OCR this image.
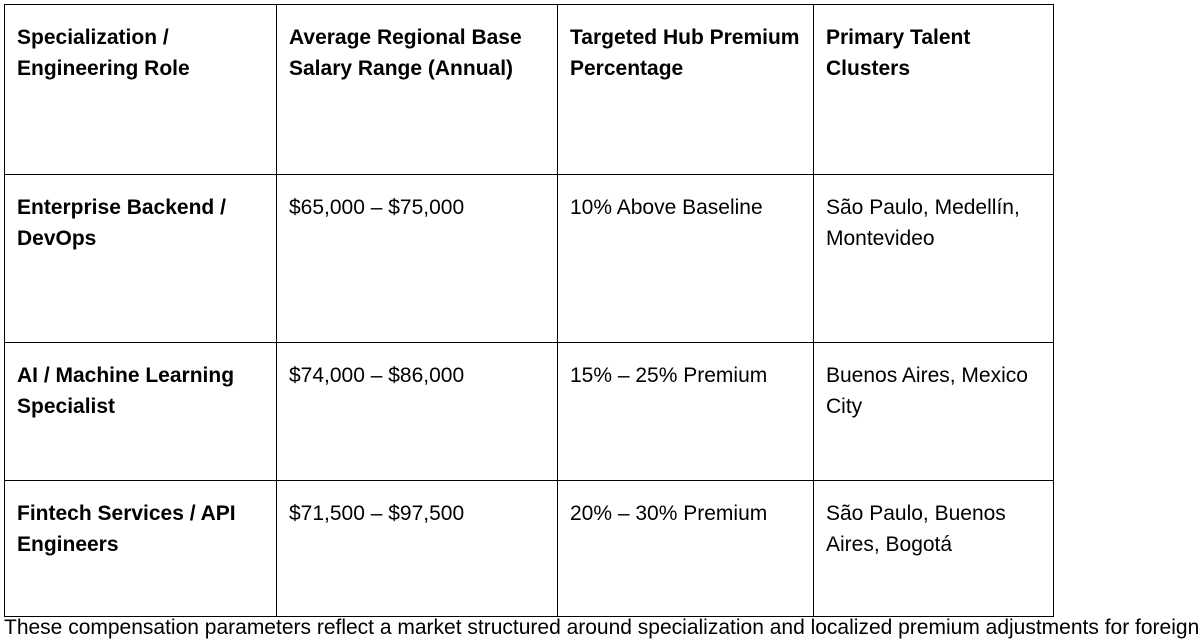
Specialization / Engineering Role	Average Regional Base Salary Range (Annual)	Targeted Hub Premium Percentage	Primary Talent Clusters
Enterprise Backend / DevOps	$65,000 – $75,000	10% Above Baseline	São Paulo, Medellín, Montevideo
AI / Machine Learning Specialist	$74,000 – $86,000	15% – 25% Premium	Buenos Aires, Mexico City
Fintech Services / API Engineers	$71,500 – $97,500	20% – 30% Premium	São Paulo, Buenos Aires, Bogotá
These compensation parameters reflect a market structured around specialization and localized premium adjustments for foreign
